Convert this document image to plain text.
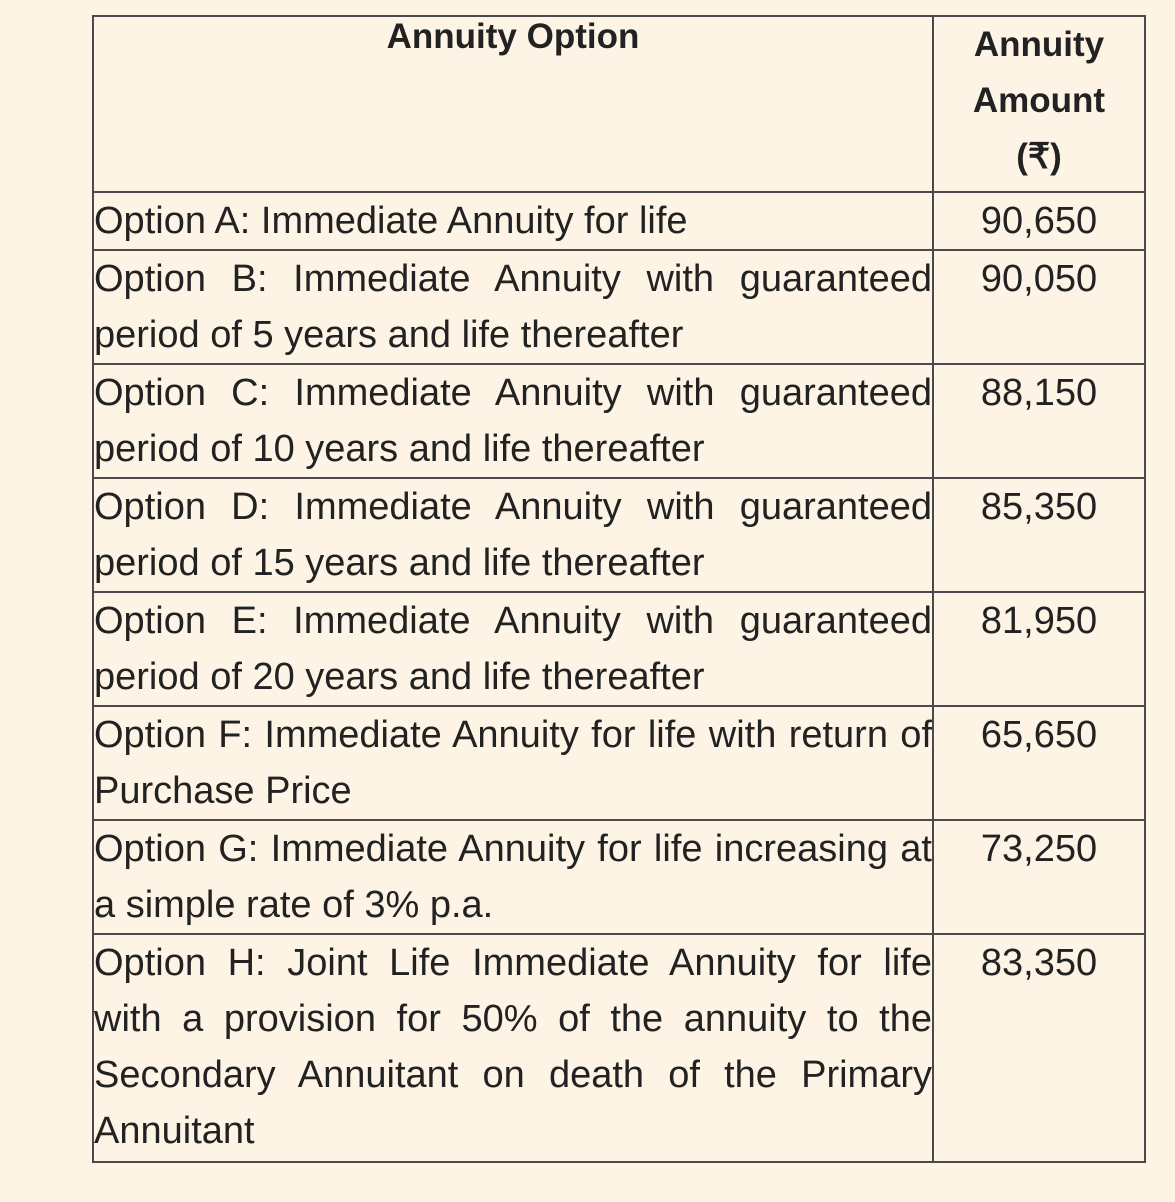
Annuity Option	Annuity
Amount
(₹)

Option A: Immediate Annuity for life	90,650
Option B: Immediate Annuity with guaranteed period of 5 years and life thereafter	90,050
Option C: Immediate Annuity with guaranteed period of 10 years and life thereafter	88,150
Option D: Immediate Annuity with guaranteed period of 15 years and life thereafter	85,350
Option E: Immediate Annuity with guaranteed period of 20 years and life thereafter	81,950
Option F: Immediate Annuity for life with return of Purchase Price	65,650
Option G: Immediate Annuity for life increasing at a simple rate of 3% p.a.	73,250
Option H: Joint Life Immediate Annuity for life with a provision for 50% of the annuity to the Secondary Annuitant on death of the Primary Annuitant	83,350
